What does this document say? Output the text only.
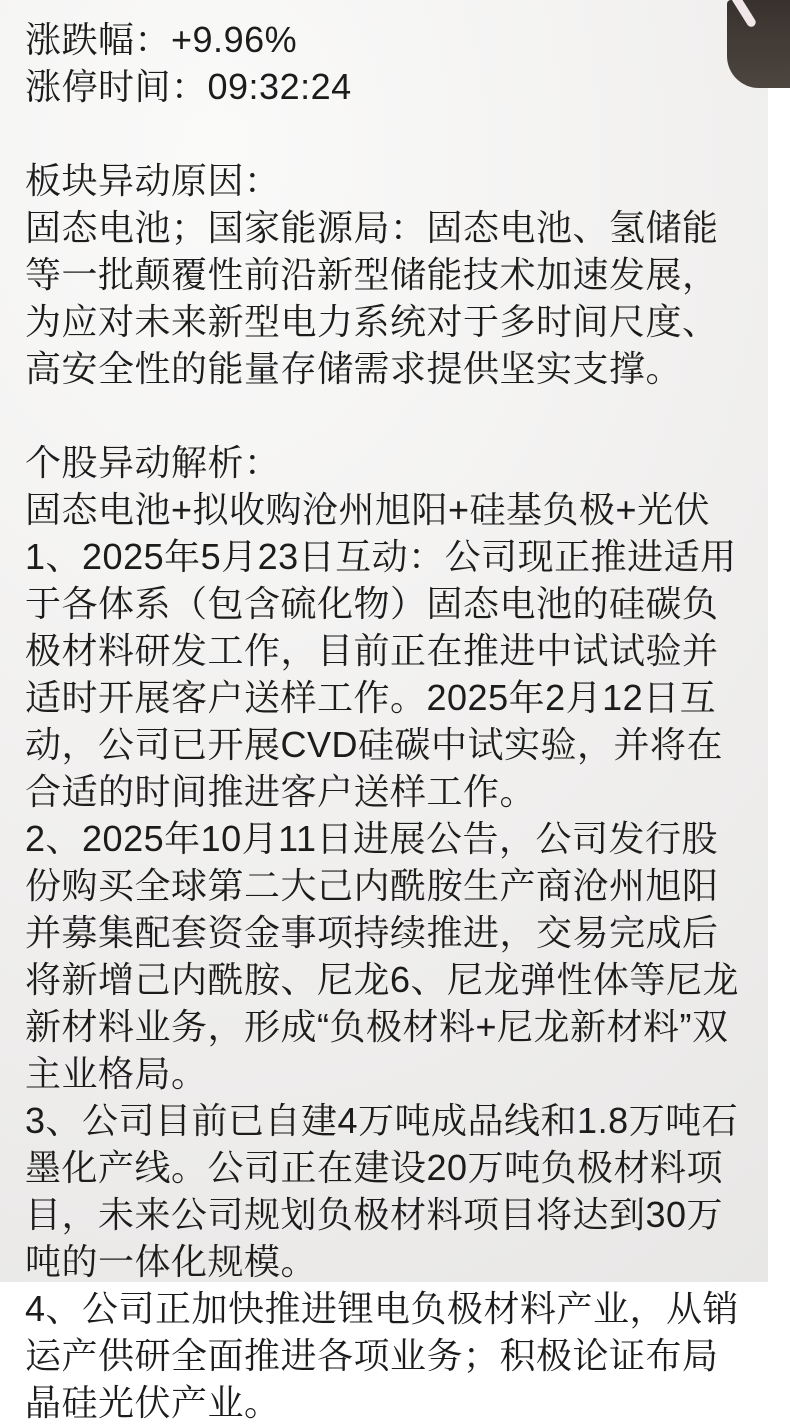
涨跌幅：+9.96%
涨停时间：09:32:24
板块异动原因：

固态电池；国家能源局：固态电池、氢储能等一批颠覆性前沿新型储能技术加速发展，为应对未来新型电力系统对于多时间尺度、高安全性的能量存储需求提供坚实支撑。

个股异动解析：

固态电池+拟收购沧州旭阳+硅基负极+光伏

1、2025年5月23日互动：公司现正推进适用于各体系（包含硫化物）固态电池的硅碳负极材料研发工作，目前正在推进中试试验并适时开展客户送样工作。2025年2月12日互动，公司已开展CVD硅碳中试实验，并将在合适的时间推进客户送样工作。

2、2025年10月11日进展公告，公司发行股份购买全球第二大己内酰胺生产商沧州旭阳并募集配套资金事项持续推进，交易完成后将新增己内酰胺、尼龙6、尼龙弹性体等尼龙新材料业务，形成“负极材料+尼龙新材料”双主业格局。

3、公司目前已自建4万吨成品线和1.8万吨石墨化产线。公司正在建设20万吨负极材料项目，未来公司规划负极材料项目将达到30万吨的一体化规模。

4、公司正加快推进锂电负极材料产业，从销运产供研全面推进各项业务；积极论证布局晶硅光伏产业。
